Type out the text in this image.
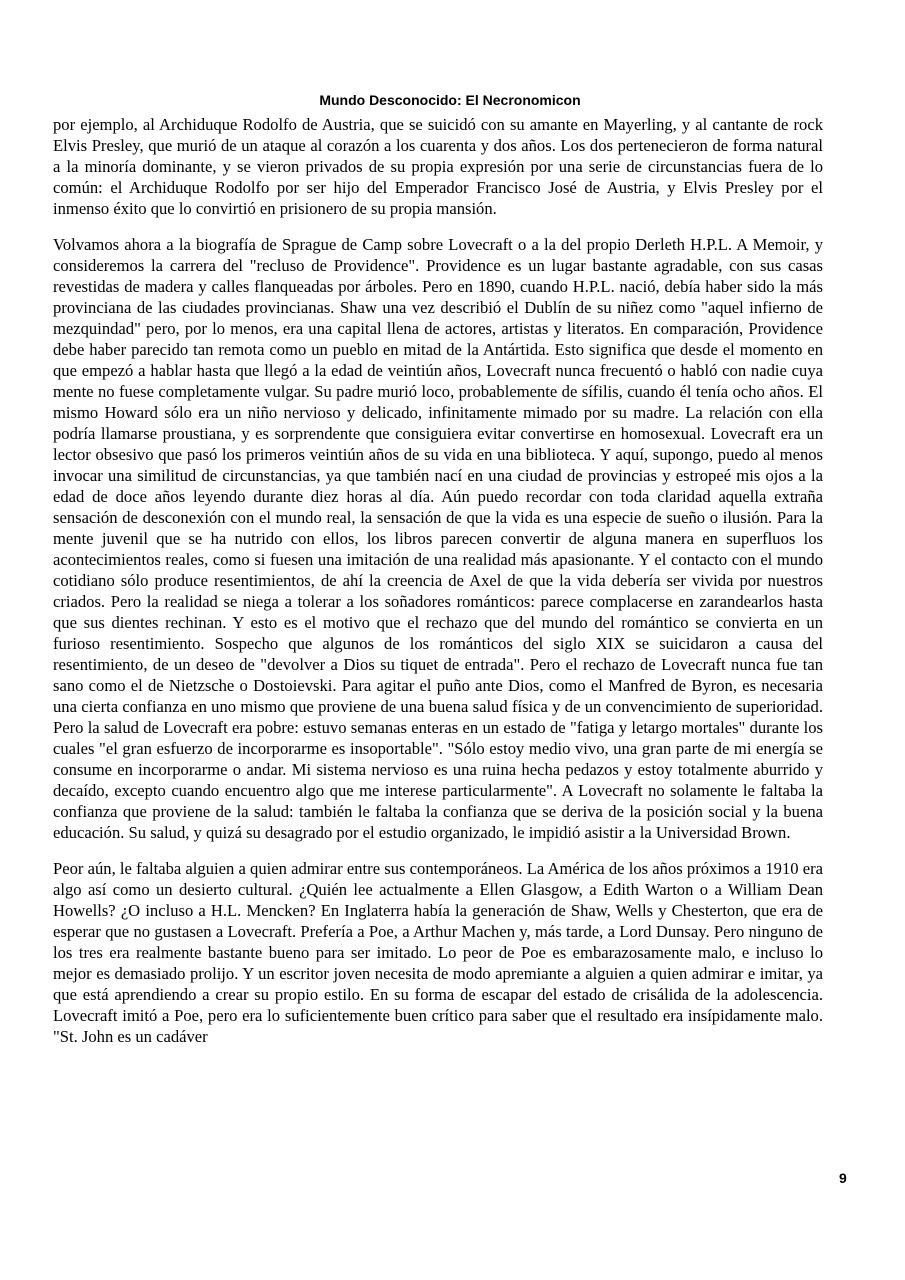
Mundo Desconocido: El Necronomicon

por ejemplo, al Archiduque Rodolfo de Austria, que se suicidó con su amante en Mayerling, y al cantante de rock Elvis Presley, que murió de un ataque al corazón a los cuarenta y dos años. Los dos pertenecieron de forma natural a la minoría dominante, y se vieron privados de su propia expresión por una serie de circunstancias fuera de lo común: el Archiduque Rodolfo por ser hijo del Emperador Francisco José de Austria, y Elvis Presley por el inmenso éxito que lo convirtió en prisionero de su propia mansión.

Volvamos ahora a la biografía de Sprague de Camp sobre Lovecraft o a la del propio Derleth H.P.L. A Memoir, y consideremos la carrera del "recluso de Providence". Providence es un lugar bastante agradable, con sus casas revestidas de madera y calles flanqueadas por árboles. Pero en 1890, cuando H.P.L. nació, debía haber sido la más provinciana de las ciudades provincianas. Shaw una vez describió el Dublín de su niñez como "aquel infierno de mezquindad" pero, por lo menos, era una capital llena de actores, artistas y literatos. En comparación, Providence debe haber parecido tan remota como un pueblo en mitad de la Antártida. Esto significa que desde el momento en que empezó a hablar hasta que llegó a la edad de veintiún años, Lovecraft nunca frecuentó o habló con nadie cuya mente no fuese completamente vulgar. Su padre murió loco, probablemente de sífilis, cuando él tenía ocho años. El mismo Howard sólo era un niño nervioso y delicado, infinitamente mimado por su madre. La relación con ella podría llamarse proustiana, y es sorprendente que consiguiera evitar convertirse en homosexual. Lovecraft era un lector obsesivo que pasó los primeros veintiún años de su vida en una biblioteca. Y aquí, supongo, puedo al menos invocar una similitud de circunstancias, ya que también nací en una ciudad de provincias y estropeé mis ojos a la edad de doce años leyendo durante diez horas al día. Aún puedo recordar con toda claridad aquella extraña sensación de desconexión con el mundo real, la sensación de que la vida es una especie de sueño o ilusión. Para la mente juvenil que se ha nutrido con ellos, los libros parecen convertir de alguna manera en superfluos los acontecimientos reales, como si fuesen una imitación de una realidad más apasionante. Y el contacto con el mundo cotidiano sólo produce resentimientos, de ahí la creencia de Axel de que la vida debería ser vivida por nuestros criados. Pero la realidad se niega a tolerar a los soñadores románticos: parece complacerse en zarandearlos hasta que sus dientes rechinan. Y esto es el motivo que el rechazo que del mundo del romántico se convierta en un furioso resentimiento. Sospecho que algunos de los románticos del siglo XIX se suicidaron a causa del resentimiento, de un deseo de "devolver a Dios su tiquet de entrada". Pero el rechazo de Lovecraft nunca fue tan sano como el de Nietzsche o Dostoievski. Para agitar el puño ante Dios, como el Manfred de Byron, es necesaria una cierta confianza en uno mismo que proviene de una buena salud física y de un convencimiento de superioridad. Pero la salud de Lovecraft era pobre: estuvo semanas enteras en un estado de "fatiga y letargo mortales" durante los cuales "el gran esfuerzo de incorporarme es insoportable". "Sólo estoy medio vivo, una gran parte de mi energía se consume en incorporarme o andar. Mi sistema nervioso es una ruina hecha pedazos y estoy totalmente aburrido y decaído, excepto cuando encuentro algo que me interese particularmente". A Lovecraft no solamente le faltaba la confianza que proviene de la salud: también le faltaba la confianza que se deriva de la posición social y la buena educación. Su salud, y quizá su desagrado por el estudio organizado, le impidió asistir a la Universidad Brown.

Peor aún, le faltaba alguien a quien admirar entre sus contemporáneos. La América de los años próximos a 1910 era algo así como un desierto cultural. ¿Quién lee actualmente a Ellen Glasgow, a Edith Warton o a William Dean Howells? ¿O incluso a H.L. Mencken? En Inglaterra había la generación de Shaw, Wells y Chesterton, que era de esperar que no gustasen a Lovecraft. Prefería a Poe, a Arthur Machen y, más tarde, a Lord Dunsay. Pero ninguno de los tres era realmente bastante bueno para ser imitado. Lo peor de Poe es embarazosamente malo, e incluso lo mejor es demasiado prolijo. Y un escritor joven necesita de modo apremiante a alguien a quien admirar e imitar, ya que está aprendiendo a crear su propio estilo. En su forma de escapar del estado de crisálida de la adolescencia. Lovecraft imitó a Poe, pero era lo suficientemente buen crítico para saber que el resultado era insípidamente malo. "St. John es un cadáver

9
